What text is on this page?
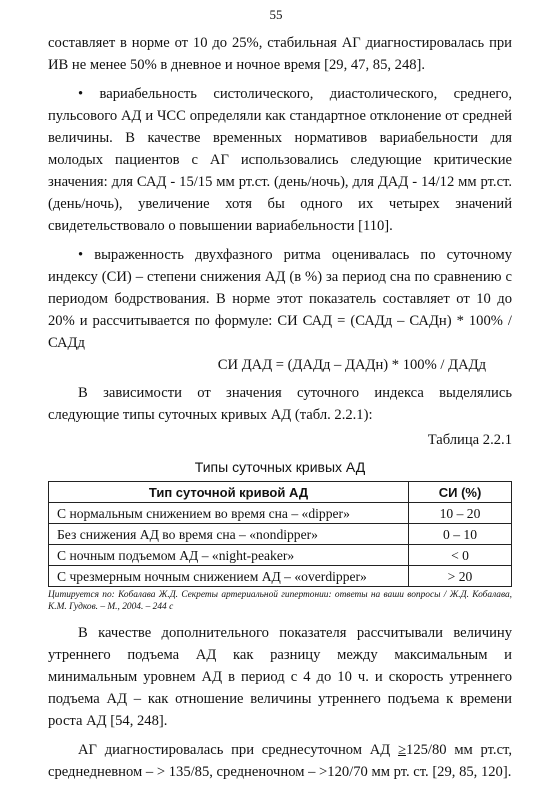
55

составляет в норме от 10 до 25%, стабильная АГ диагностировалась при ИВ не менее 50% в дневное и ночное время [29, 47, 85, 248].

• вариабельность систолического, диастолического, среднего, пульсового АД и ЧСС определяли как стандартное отклонение от средней величины. В качестве временных нормативов вариабельности для молодых пациентов с АГ использовались следующие критические значения: для САД - 15/15 мм рт.ст. (день/ночь), для ДАД - 14/12 мм рт.ст. (день/ночь), увеличение хотя бы одного их четырех значений свидетельствовало о повышении вариабельности [110].

• выраженность двухфазного ритма оценивалась по суточному индексу (СИ) – степени снижения АД (в %) за период сна по сравнению с периодом бодрствования. В норме этот показатель составляет от 10 до 20% и рассчитывается по формуле: СИ САД = (САДд – САДн) * 100% / САДд

СИ ДАД = (ДАДд – ДАДн) * 100% / ДАДд

В зависимости от значения суточного индекса выделялись следующие типы суточных кривых АД (табл. 2.2.1):

Таблица 2.2.1
Типы суточных кривых АД
Тип суточной кривой АД	СИ (%)
С нормальным снижением во время сна – «dipper»	10 – 20
Без снижения АД во время сна – «nondipper»	0 – 10
С ночным подъемом АД – «night-peaker»	< 0
С чрезмерным ночным снижением АД – «overdipper»	> 20
Цитируется по: Кобалава Ж.Д. Секреты артериальной гипертонии: ответы на ваши вопросы / Ж.Д. Кобалава, К.М. Гудков. – М., 2004. – 244 с

В качестве дополнительного показателя рассчитывали величину утреннего подъема АД как разницу между максимальным и минимальным уровнем АД в период с 4 до 10 ч. и скорость утреннего подъема АД – как отношение величины утреннего подъема к времени роста АД [54, 248].

АГ диагностировалась при среднесуточном АД ≥125/80 мм рт.ст, среднедневном – > 135/85, средненочном – >120/70 мм рт. ст. [29, 85, 120].
